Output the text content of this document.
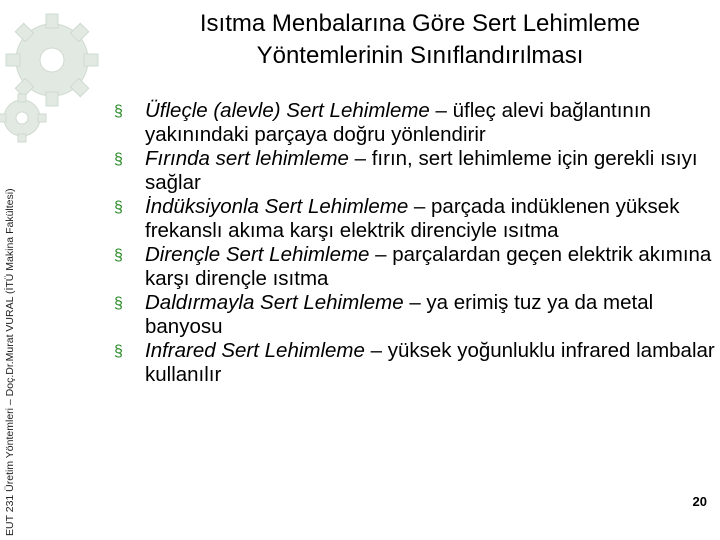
EUT 231 Üretim Yöntemleri – Doç.Dr.Murat VURAL (İTÜ Makina Fakültesi)
Isıtma Menbalarına Göre Sert Lehimleme
Yöntemlerinin Sınıflandırılması
§ Üfleçle (alevle) Sert Lehimleme – üfleç alevi bağlantının yakınındaki parçaya doğru yönlendirir
§ Fırında sert lehimleme – fırın, sert lehimleme için gerekli ısıyı sağlar
§ İndüksiyonla Sert Lehimleme – parçada indüklenen yüksek frekanslı akıma karşı elektrik direnciyle ısıtma
§ Dirençle Sert Lehimleme – parçalardan geçen elektrik akımına karşı dirençle ısıtma
§ Daldırmayla Sert Lehimleme – ya erimiş tuz ya da metal banyosu
§ Infrared Sert Lehimleme – yüksek yoğunluklu infrared lambalar kullanılır
20
